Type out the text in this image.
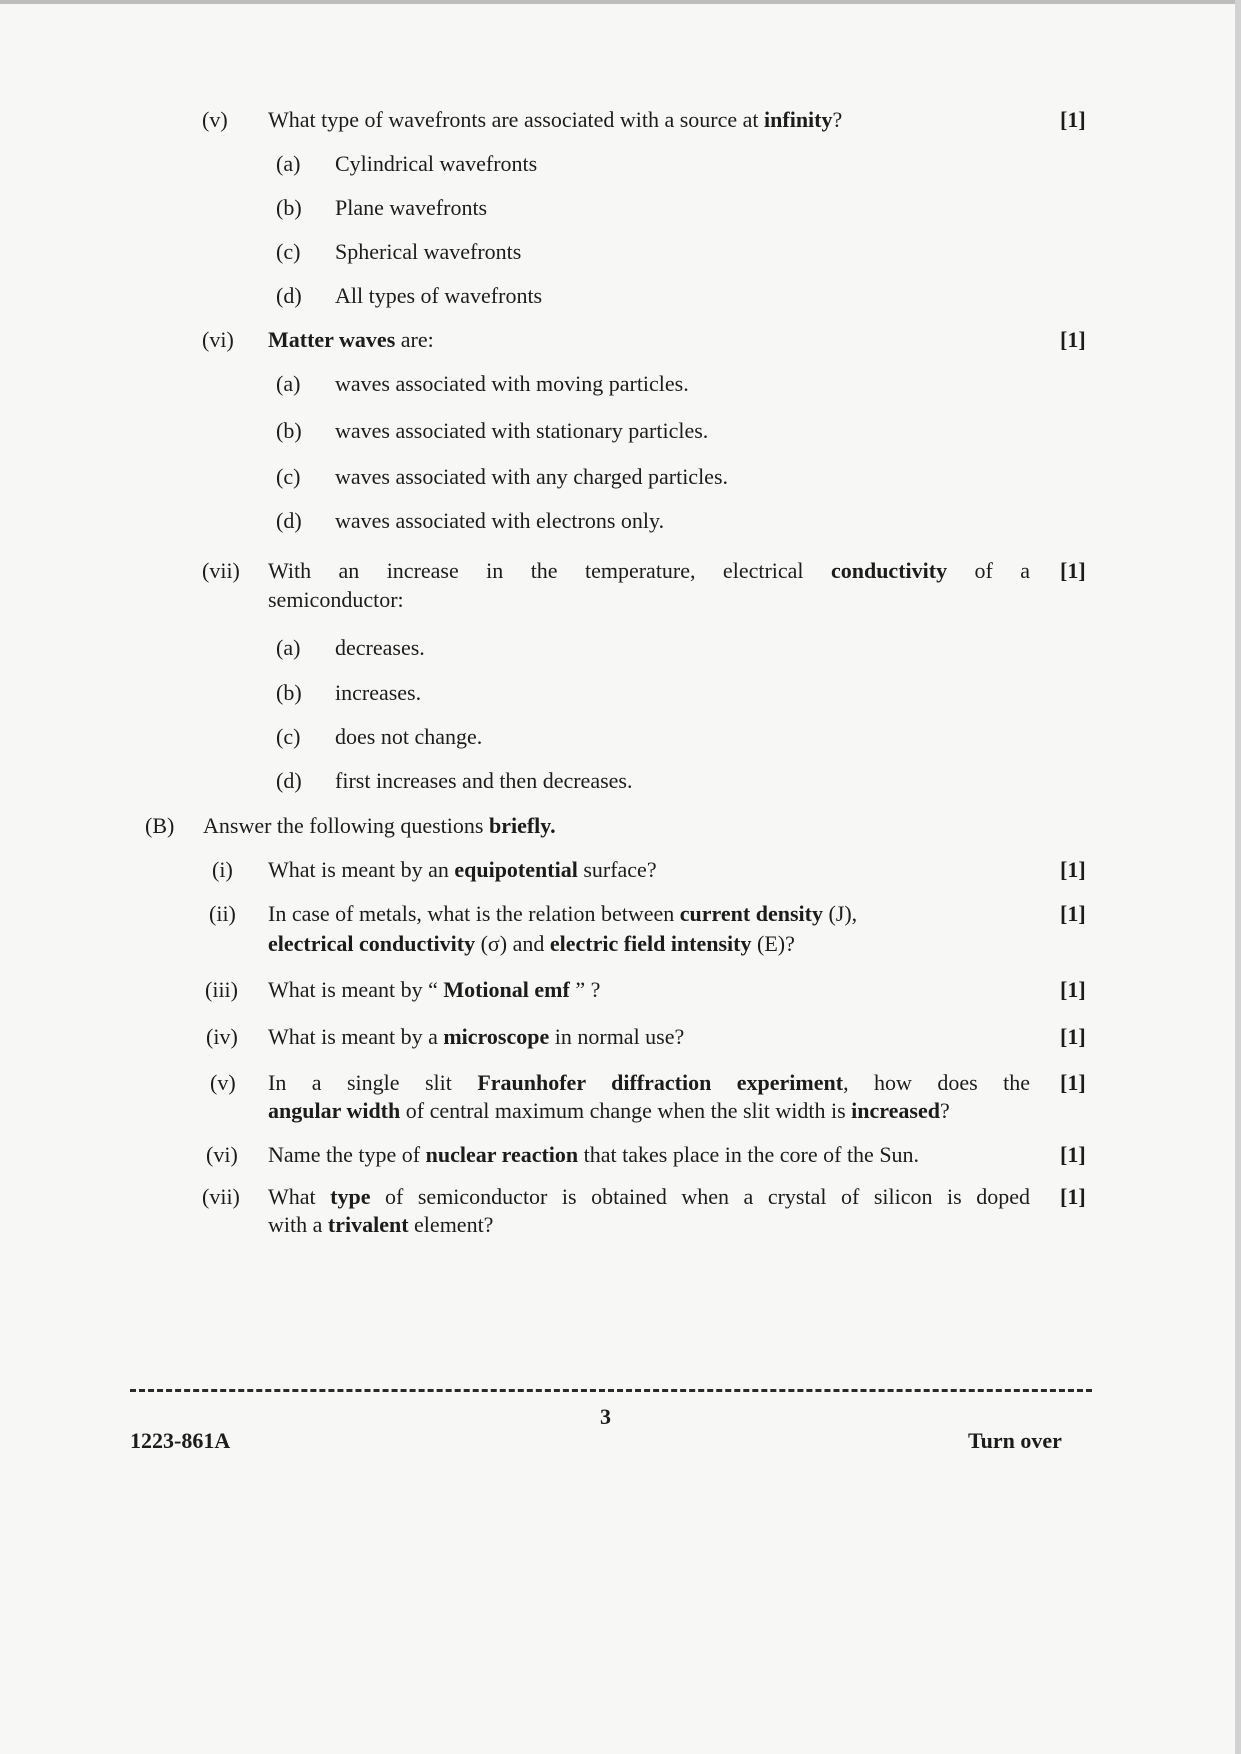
(v) What type of wavefronts are associated with a source at infinity?	[1]
(a) Cylindrical wavefronts
(b) Plane wavefronts
(c) Spherical wavefronts
(d) All types of wavefronts
(vi) Matter waves are:	[1]
(a) waves associated with moving particles.
(b) waves associated with stationary particles.
(c) waves associated with any charged particles.
(d) waves associated with electrons only.
(vii) With an increase in the temperature, electrical conductivity of a
semiconductor:
[1]
(a) decreases.
(b) increases.
(c) does not change.
(d) first increases and then decreases.
(B) Answer the following questions briefly.
(i) What is meant by an equipotential surface?	[1]
(ii) In case of metals, what is the relation between current density (J),
electrical conductivity (σ) and electric field intensity (E)?
[1]
(iii) What is meant by “ Motional emf ” ?	[1]
(iv) What is meant by a microscope in normal use?	[1]
(v) In a single slit Fraunhofer diffraction experiment, how does the
angular width of central maximum change when the slit width is increased?
[1]
(vi) Name the type of nuclear reaction that takes place in the core of the Sun.	[1]
(vii) What type of semiconductor is obtained when a crystal of silicon is doped
with a trivalent element?
[1]
3
1223-861A	Turn over
